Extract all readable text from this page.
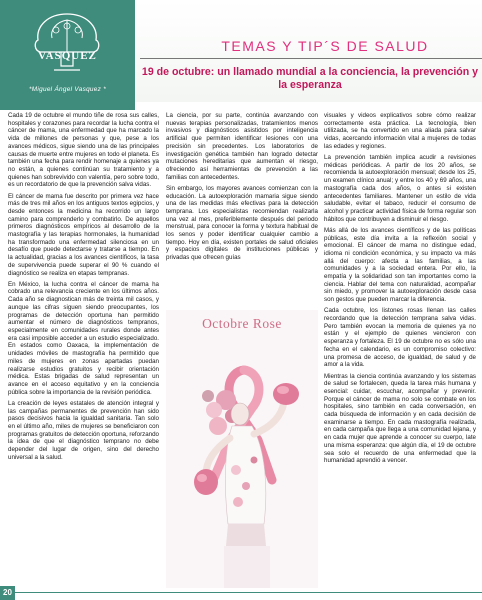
VASQUEZ
*Miguel Ángel Vasquez *
TEMAS Y TIP´S DE SALUD
19 de octubre: un llamado mundial a la conciencia, la prevención y la esperanza

Cada 19 de octubre el mundo tiñe de rosa sus calles, hospitales y corazones para recordar la lucha contra el cáncer de mama, una enfermedad que ha marcado la vida de millones de personas y que, pese a los avances médicos, sigue siendo una de las principales causas de muerte entre mujeres en todo el planeta. Es también una fecha para rendir homenaje a quienes ya no están, a quienes continúan su tratamiento y a quienes han sobrevivido con valentía, pero sobre todo, es un recordatorio de que la prevención salva vidas.

El cáncer de mama fue descrito por primera vez hace más de tres mil años en los antiguos textos egipcios, y desde entonces la medicina ha recorrido un largo camino para comprenderlo y combatirlo. De aquellos primeros diagnósticos empíricos al desarrollo de la mastografía y las terapias hormonales, la humanidad ha transformado una enfermedad silenciosa en un desafío que puede detectarse y tratarse a tiempo. En la actualidad, gracias a los avances científicos, la tasa de supervivencia puede superar el 90 % cuando el diagnóstico se realiza en etapas tempranas.

En México, la lucha contra el cáncer de mama ha cobrado una relevancia creciente en los últimos años. Cada año se diagnostican más de treinta mil casos, y aunque las cifras siguen siendo preocupantes, los programas de detección oportuna han permitido aumentar el número de diagnósticos tempranos, especialmente en comunidades rurales donde antes era casi imposible acceder a un estudio especializado. En estados como Oaxaca, la implementación de unidades móviles de mastografía ha permitido que miles de mujeres en zonas apartadas puedan realizarse estudios gratuitos y recibir orientación médica. Estas brigadas de salud representan un avance en el acceso equitativo y en la conciencia pública sobre la importancia de la revisión periódica.

La creación de leyes estatales de atención integral y las campañas permanentes de prevención han sido pasos decisivos hacia la igualdad sanitaria. Tan solo en el último año, miles de mujeres se beneficiaron con programas gratuitos de detección oportuna, reforzando la idea de que el diagnóstico temprano no debe depender del lugar de origen, sino del derecho universal a la salud.

La ciencia, por su parte, continúa avanzando con nuevas terapias personalizadas, tratamientos menos invasivos y diagnósticos asistidos por inteligencia artificial que permiten identificar lesiones con una precisión sin precedentes. Los laboratorios de investigación genética también han logrado detectar mutaciones hereditarias que aumentan el riesgo, ofreciendo así herramientas de prevención a las familias con antecedentes.

Sin embargo, los mayores avances comienzan con la educación. La autoexploración mamaria sigue siendo una de las medidas más efectivas para la detección temprana. Los especialistas recomiendan realizarla una vez al mes, preferiblemente después del periodo menstrual, para conocer la forma y textura habitual de los senos y poder identificar cualquier cambio a tiempo. Hoy en día, existen portales de salud oficiales y espacios digitales de instituciones públicas y privadas que ofrecen guías

Octobre Rose

visuales y videos explicativos sobre cómo realizar correctamente esta práctica. La tecnología, bien utilizada, se ha convertido en una aliada para salvar vidas, acercando información vital a mujeres de todas las edades y regiones.

La prevención también implica acudir a revisiones médicas periódicas. A partir de los 20 años, se recomienda la autoexploración mensual; desde los 25, un examen clínico anual; y entre los 40 y 69 años, una mastografía cada dos años, o antes si existen antecedentes familiares. Mantener un estilo de vida saludable, evitar el tabaco, reducir el consumo de alcohol y practicar actividad física de forma regular son hábitos que contribuyen a disminuir el riesgo.

Más allá de los avances científicos y de las políticas públicas, este día invita a la reflexión social y emocional. El cáncer de mama no distingue edad, idioma ni condición económica, y su impacto va más allá del cuerpo: afecta a las familias, a las comunidades y a la sociedad entera. Por ello, la empatía y la solidaridad son tan importantes como la ciencia. Hablar del tema con naturalidad, acompañar sin miedo, y promover la autoexploración desde casa son gestos que pueden marcar la diferencia.

Cada octubre, los listones rosas llenan las calles recordando que la detección temprana salva vidas. Pero también evocan la memoria de quienes ya no están y el ejemplo de quienes vencieron con esperanza y fortaleza. El 19 de octubre no es sólo una fecha en el calendario, es un compromiso colectivo: una promesa de acceso, de igualdad, de salud y de amor a la vida.

Mientras la ciencia continúa avanzando y los sistemas de salud se fortalecen, queda la tarea más humana y esencial: cuidar, escuchar, acompañar y prevenir. Porque el cáncer de mama no solo se combate en los hospitales, sino también en cada conversación, en cada búsqueda de información y en cada decisión de examinarse a tiempo. En cada mastografía realizada, en cada campaña que llega a una comunidad lejana, y en cada mujer que aprende a conocer su cuerpo, late una misma esperanza: que algún día, el 19 de octubre sea solo el recuerdo de una enfermedad que la humanidad aprendió a vencer.

20
